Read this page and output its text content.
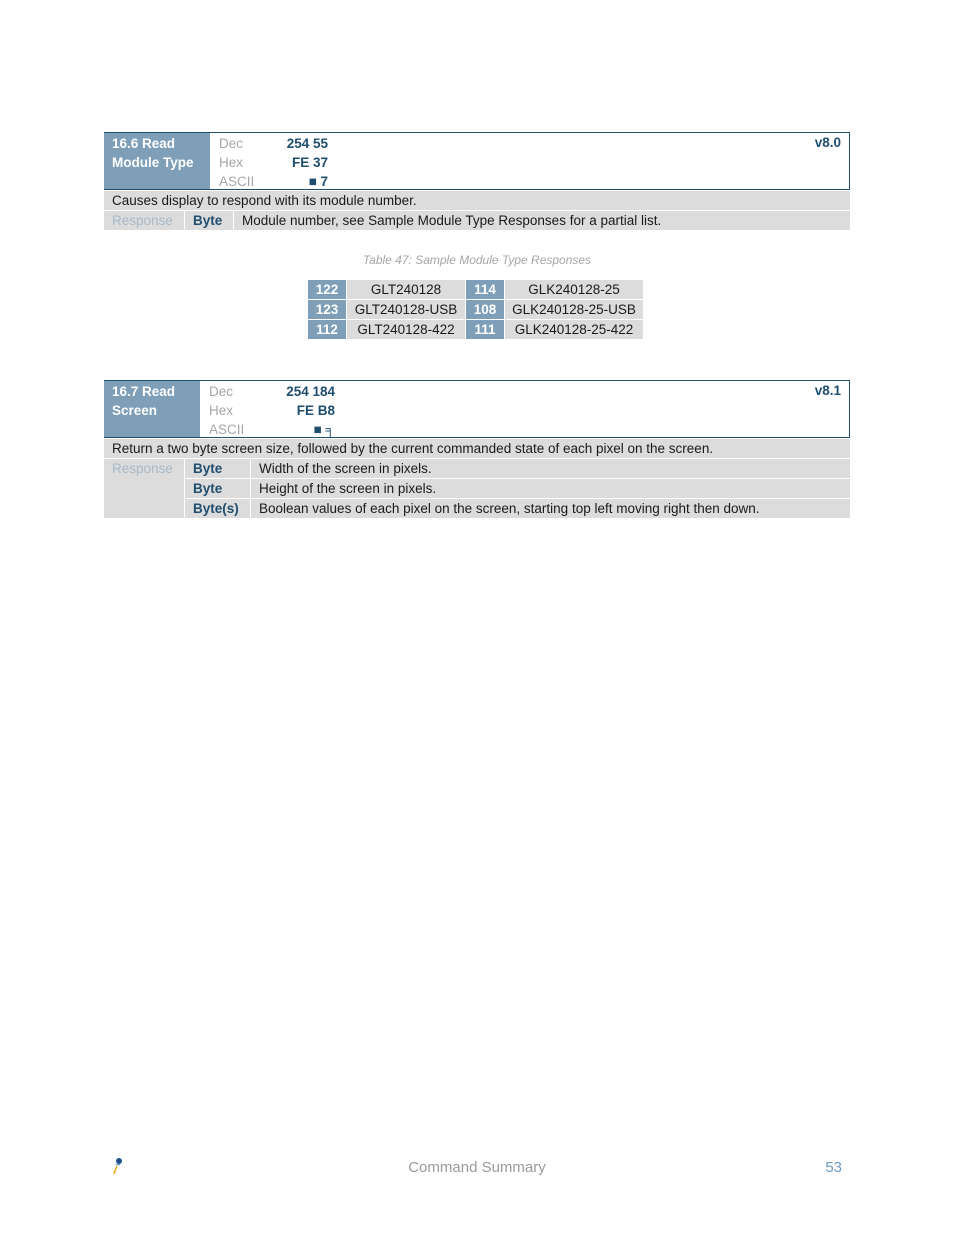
16.6 Read
Module Type
Dec	254 55
Hex	FE 37
ASCII	■ 7
v8.0
Causes display to respond with its module number.
Response	Byte	Module number, see Sample Module Type Responses for a partial list.
Table 47: Sample Module Type Responses
122	GLT240128	114	GLK240128-25
123	GLT240128-USB	108	GLK240128-25-USB
112	GLT240128-422	111	GLK240128-25-422
16.7 Read
Screen
Dec	254 184
Hex	FE B8
ASCII	■ ╕
v8.1
Return a two byte screen size, followed by the current commanded state of each pixel on the screen.
Response	Byte	Width of the screen in pixels.
Byte	Height of the screen in pixels.
Byte(s)	Boolean values of each pixel on the screen, starting top left moving right then down.
Command Summary	53
